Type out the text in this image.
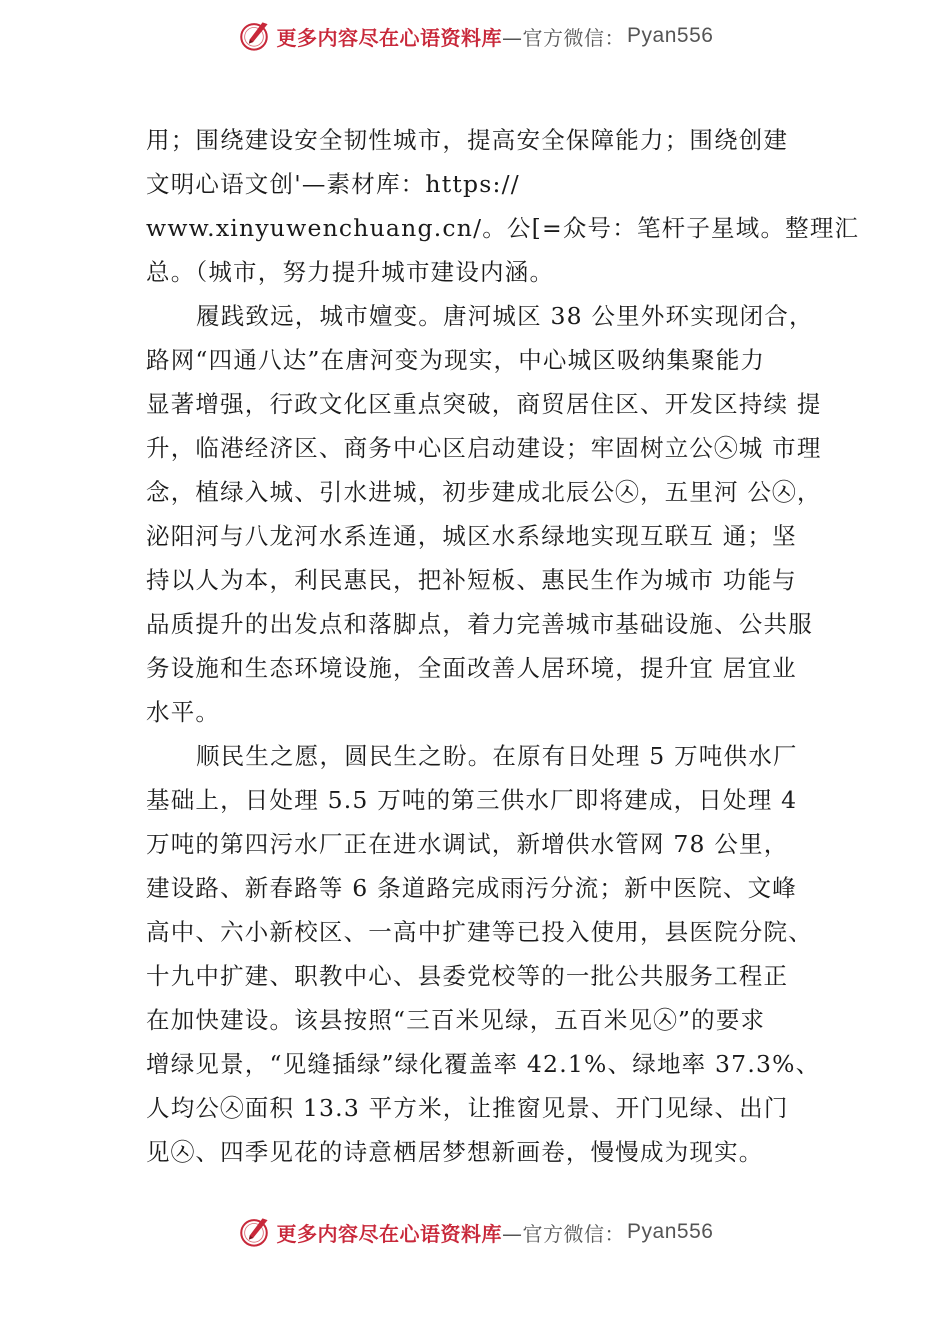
更多内容尽在心语资料库 —官方微信： Pyan556
用；围绕建设安全韧性城市，提高安全保障能力；围绕创建
文明心语文创'—素材库：https://
www.xinyuwenchuang.cn/。公[=众号：笔杆子星域。整理汇
总。（城市，努力提升城市建设内涵。
履践致远，城市嬗变。唐河城区 38 公里外环实现闭合，
路网“四通八达”在唐河变为现实，中心城区吸纳集聚能力
显著增强，行政文化区重点突破，商贸居住区、开发区持续 提
升，临港经济区、商务中心区启动建设；牢固树立公㉦城 市理
念，植绿入城、引水进城，初步建成北辰公㉦，五里河 公㉦，
泌阳河与八龙河水系连通，城区水系绿地实现互联互 通；坚
持以人为本，利民惠民，把补短板、惠民生作为城市 功能与
品质提升的出发点和落脚点，着力完善城市基础设施、公共服
务设施和生态环境设施，全面改善人居环境，提升宜 居宜业
水平。
顺民生之愿，圆民生之盼。在原有日处理 5 万吨供水厂
基础上，日处理 5.5 万吨的第三供水厂即将建成，日处理 4
万吨的第四污水厂正在进水调试，新增供水管网 78 公里，
建设路、新春路等 6 条道路完成雨污分流；新中医院、文峰
高中、六小新校区、一高中扩建等已投入使用，县医院分院、
十九中扩建、职教中心、县委党校等的一批公共服务工程正
在加快建设。该县按照“三百米见绿，五百米见㉦”的要求
增绿见景，“见缝插绿”绿化覆盖率 42.1%、绿地率 37.3%、
人均公㉦面积 13.3 平方米，让推窗见景、开门见绿、出门
见㉦、四季见花的诗意栖居梦想新画卷，慢慢成为现实。
更多内容尽在心语资料库 —官方微信： Pyan556
